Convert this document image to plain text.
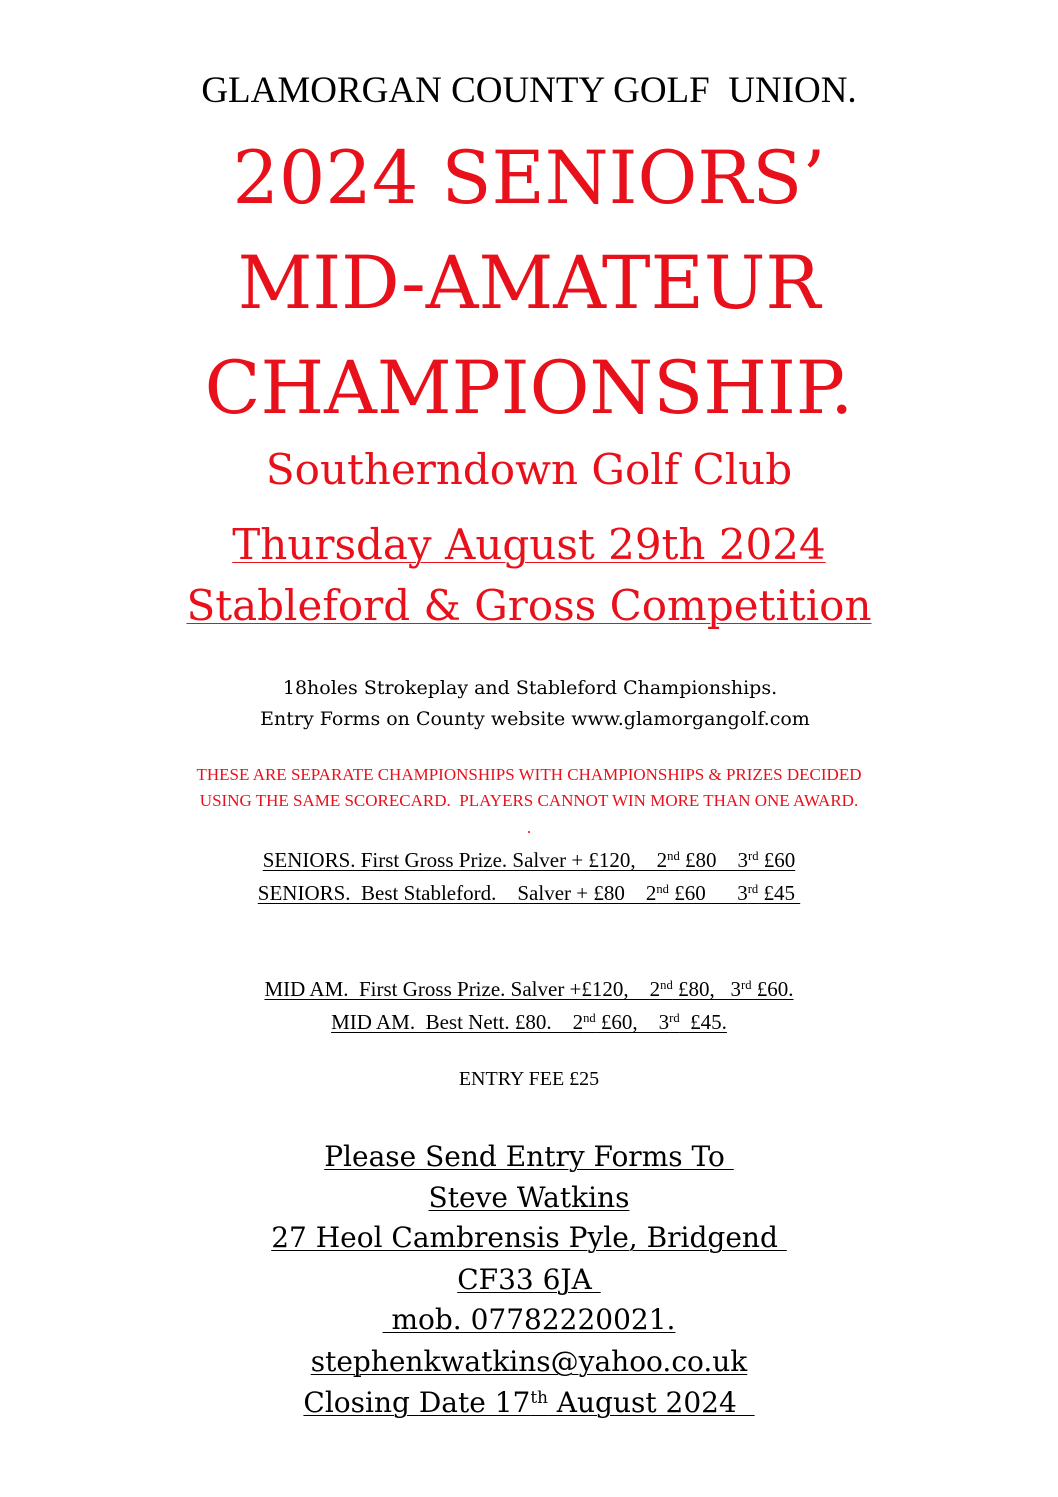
GLAMORGAN COUNTY GOLF  UNION.

2024 SENIORS’

MID-AMATEUR

CHAMPIONSHIP.

Southerndown Golf Club

Thursday August 29th 2024

Stableford & Gross Competition

18holes Strokeplay and Stableford Championships.

Entry Forms on County website www.glamorgangolf.com

THESE ARE SEPARATE CHAMPIONSHIPS WITH CHAMPIONSHIPS & PRIZES DECIDED

USING THE SAME SCORECARD.  PLAYERS CANNOT WIN MORE THAN ONE AWARD.

.

SENIORS. First Gross Prize. Salver + £120,    2nd £80    3rd £60

SENIORS.  Best Stableford.    Salver + £80    2nd £60      3rd £45

MID AM.  First Gross Prize. Salver +£120,    2nd £80,   3rd £60.

MID AM.  Best Nett. £80.    2nd £60,    3rd  £45.

ENTRY FEE £25

Please Send Entry Forms To

Steve Watkins

27 Heol Cambrensis Pyle, Bridgend

CF33 6JA

mob. 07782220021.

stephenkwatkins@yahoo.co.uk

Closing Date 17th August 2024
